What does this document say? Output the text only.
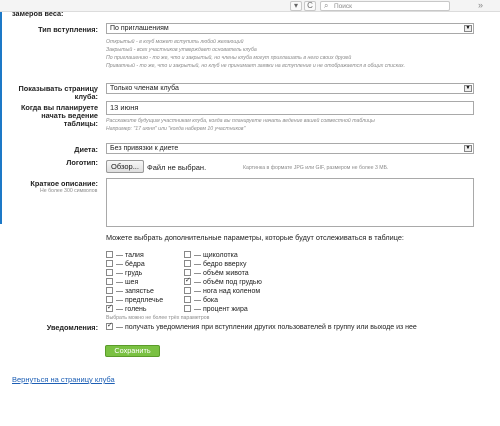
▾	С	⌕ Поиск	»
замеров веса:
Тип вступления:	По приглашениям	▼
Открытый - в клуб может вступить любой желающий
Закрытый - всех участников утверждает основатель клуба
По приглашению - то же, что и закрытый, но члены клуба могут приглашать в него своих друзей
Приватный - то же, что и закрытый, но клуб не принимает заявки на вступление и не отображается в общих списках.
Показывать страницу
клуба:
Только членам клуба	▼
Когда вы планируете
начать ведение
таблицы:
13 июня
Расскажите будущим участникам клуба, когда вы планируете начать ведение вашей совместной таблицы
Например: "17 июня" или "когда наберем 10 участников"
Диета:	Без привязки к диете	▼
Логотип:	Обзор...	Файл не выбран.	Картинка в формате JPG или GIF, размером не более 3 МБ.
Краткое описание:
Не более 300 символов
Можете выбрать дополнительные параметры, которые будут отслеживаться в таблице:
— талия
— бёдра
— грудь
— шея
— запястье
— предплечье
✓— голень
— щиколотка
— бедро вверху
— объём живота
✓— объём под грудью
— нога над коленом
— бока
— процент жира
Выбрать можно не более трёх параметров
Уведомления:
✓	— получать уведомления при вступлении других пользователей в группу или выходе из нее
Сохранить
Вернуться на страницу клуба
